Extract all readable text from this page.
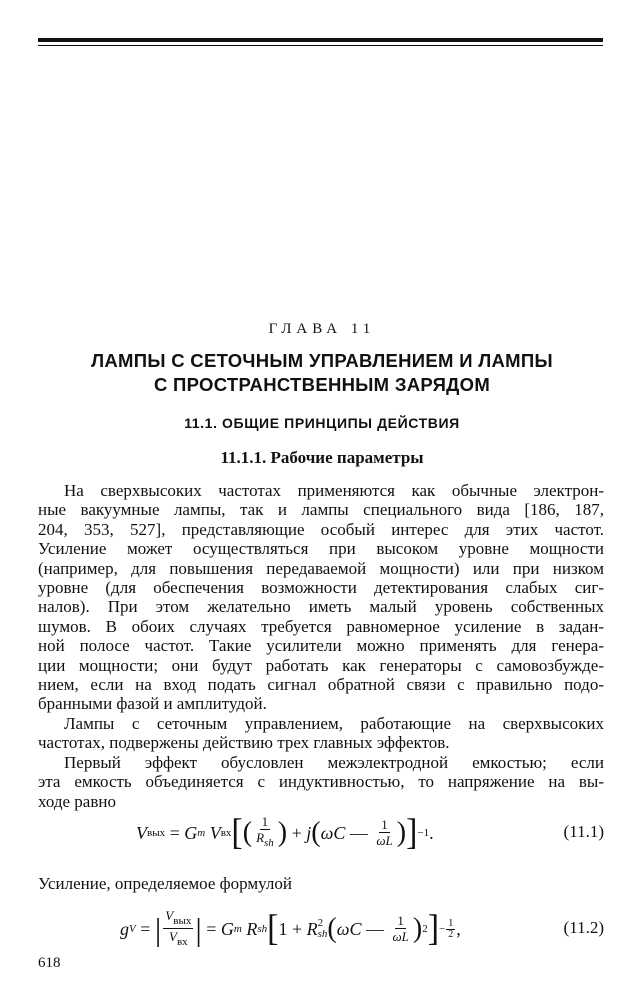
ГЛАВА 11
ЛАМПЫ С СЕТОЧНЫМ УПРАВЛЕНИЕМ И ЛАМПЫ
С ПРОСТРАНСТВЕННЫМ ЗАРЯДОМ
11.1. ОБЩИЕ ПРИНЦИПЫ ДЕЙСТВИЯ
11.1.1. Рабочие параметры

На сверхвысоких частотах применяются как обычные электрон-
ные вакуумные лампы, так и лампы специального вида [186, 187,
204, 353, 527], представляющие особый интерес для этих частот.
Усиление может осуществляться при высоком уровне мощности
(например, для повышения передаваемой мощности) или при низком
уровне (для обеспечения возможности детектирования слабых сиг-
налов). При этом желательно иметь малый уровень собственных
шумов. В обоих случаях требуется равномерное усиление в задан-
ной полосе частот. Такие усилители можно применять для генера-
ции мощности; они будут работать как генераторы с самовозбужде-
нием, если на вход подать сигнал обратной связи с правильно подо-
бранными фазой и амплитудой.

Лампы с сеточным управлением, работающие на сверхвысоких
частотах, подвержены действию трех главных эффектов.

Первый эффект обусловлен межэлектродной емкостью; если
эта емкость объединяется с индуктивностью, то напряжение на вы-
ходе равно

V вых = G m V вх [ ( $\frac{1}{R_{sh}}$ ) + j ( ωC — $\frac{1}{\omega L}$ ) ] −1 .	(11.1)
Усиление, определяемое формулой
g V = | $\frac{V_{вых}}{V_{вх}}$ | = G m R sh [ 1 + R 2
sh ( ωC — $\frac{1}{\omega L}$ ) 2 ] − $\frac{1}{2}$ ,	(11.2)
618
